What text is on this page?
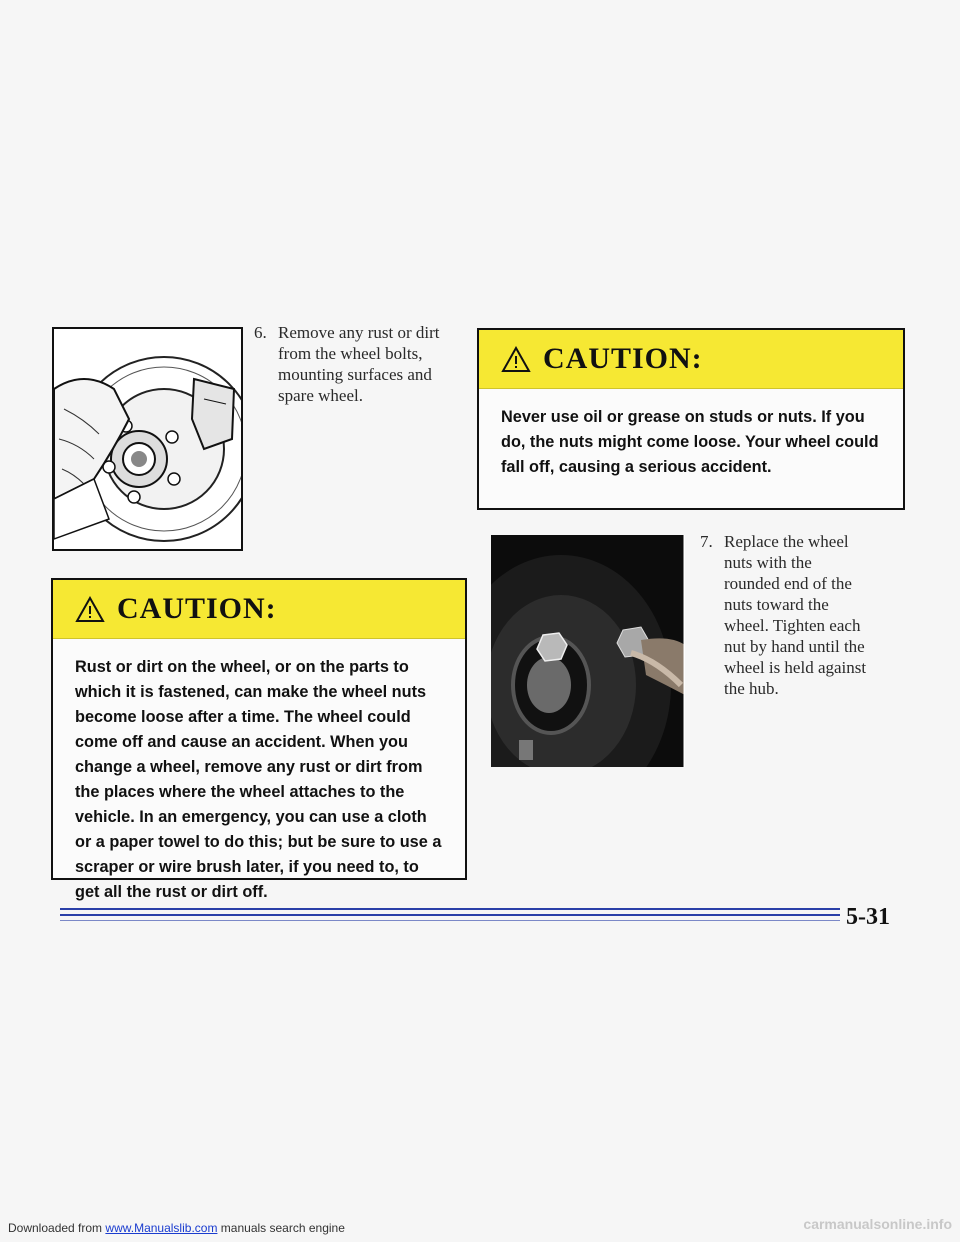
6. Remove any rust or dirt from the wheel bolts, mounting surfaces and spare wheel.
CAUTION:
Never use oil or grease on studs or nuts. If you do, the nuts might come loose. Your wheel could fall off, causing a serious accident.
7. Replace the wheel nuts with the rounded end of the nuts toward the wheel. Tighten each nut by hand until the wheel is held against the hub.
CAUTION:
Rust or dirt on the wheel, or on the parts to which it is fastened, can make the wheel nuts become loose after a time. The wheel could come off and cause an accident. When you change a wheel, remove any rust or dirt from the places where the wheel attaches to the vehicle. In an emergency, you can use a cloth or a paper towel to do this; but be sure to use a scraper or wire brush later, if you need to, to get all the rust or dirt off.
5-31
Downloaded from www.Manualslib.com manuals search engine	carmanualsonline.info
